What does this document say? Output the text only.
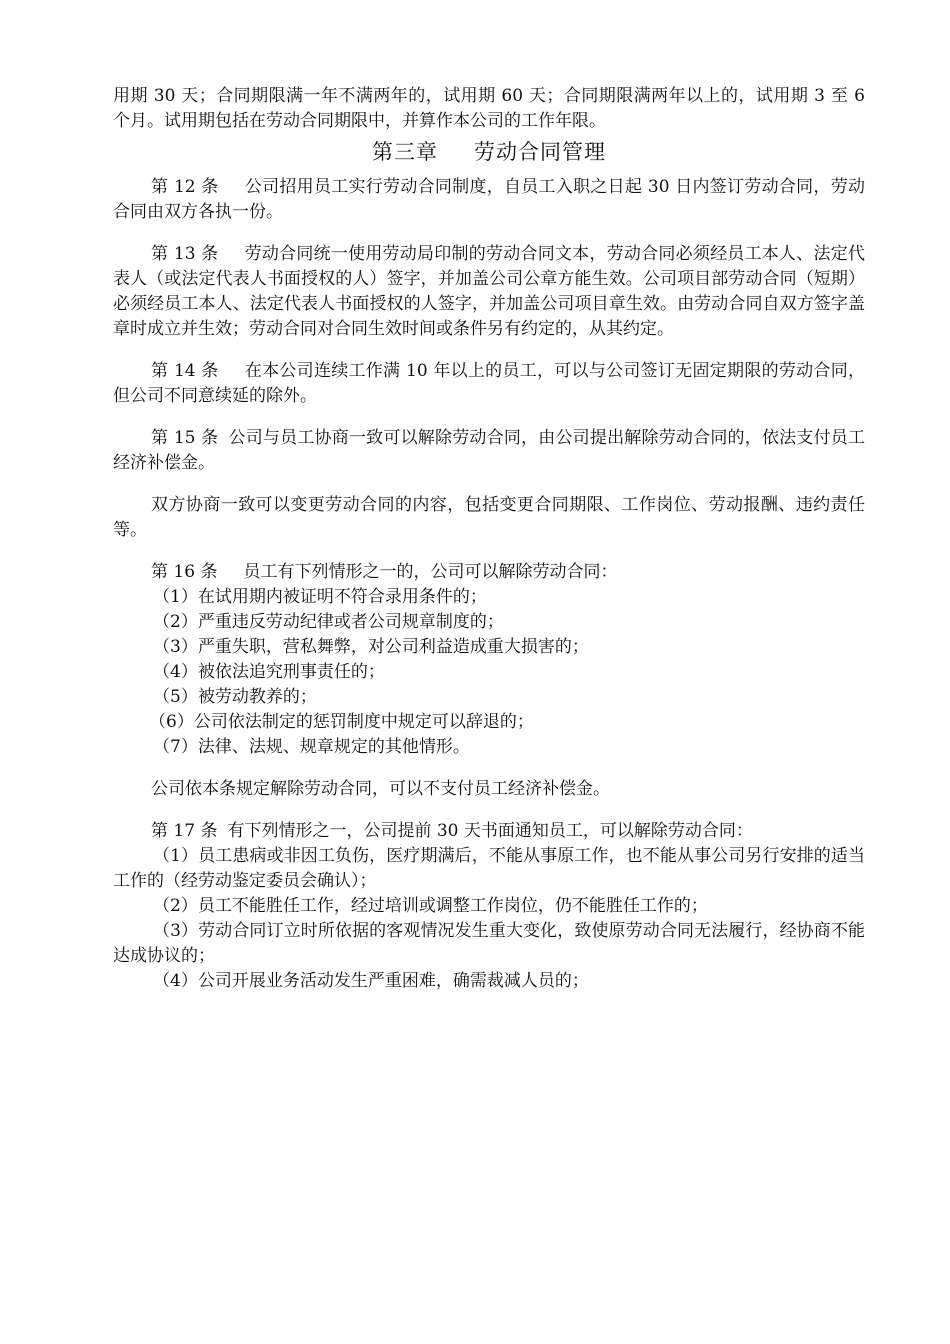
用期 30 天；合同期限满一年不满两年的，试用期 60 天；合同期限满两年以上的，试用期 3 至 6 个月。试用期包括在劳动合同期限中，并算作本公司的工作年限。

第三章 劳动合同管理

第 12 条 公司招用员工实行劳动合同制度，自员工入职之日起 30 日内签订劳动合同，劳动合同由双方各执一份。

第 13 条 劳动合同统一使用劳动局印制的劳动合同文本，劳动合同必须经员工本人、法定代表人（或法定代表人书面授权的人）签字，并加盖公司公章方能生效。公司项目部劳动合同（短期）必须经员工本人、法定代表人书面授权的人签字，并加盖公司项目章生效。由劳动合同自双方签字盖章时成立并生效；劳动合同对合同生效时间或条件另有约定的，从其约定。

第 14 条 在本公司连续工作满 10 年以上的员工，可以与公司签订无固定期限的劳动合同，但公司不同意续延的除外。

第 15 条 公司与员工协商一致可以解除劳动合同，由公司提出解除劳动合同的，依法支付员工经济补偿金。

双方协商一致可以变更劳动合同的内容，包括变更合同期限、工作岗位、劳动报酬、违约责任等。

第 16 条 员工有下列情形之一的，公司可以解除劳动合同：

（1）在试用期内被证明不符合录用条件的；

（2）严重违反劳动纪律或者公司规章制度的；

（3）严重失职，营私舞弊，对公司利益造成重大损害的；

（4）被依法追究刑事责任的；

（5）被劳动教养的；

（6）公司依法制定的惩罚制度中规定可以辞退的；

（7）法律、法规、规章规定的其他情形。

公司依本条规定解除劳动合同，可以不支付员工经济补偿金。

第 17 条 有下列情形之一，公司提前 30 天书面通知员工，可以解除劳动合同：

（1）员工患病或非因工负伤，医疗期满后，不能从事原工作，也不能从事公司另行安排的适当工作的（经劳动鉴定委员会确认）；

（2）员工不能胜任工作，经过培训或调整工作岗位，仍不能胜任工作的；

（3）劳动合同订立时所依据的客观情况发生重大变化，致使原劳动合同无法履行，经协商不能达成协议的；

（4）公司开展业务活动发生严重困难，确需裁减人员的；
